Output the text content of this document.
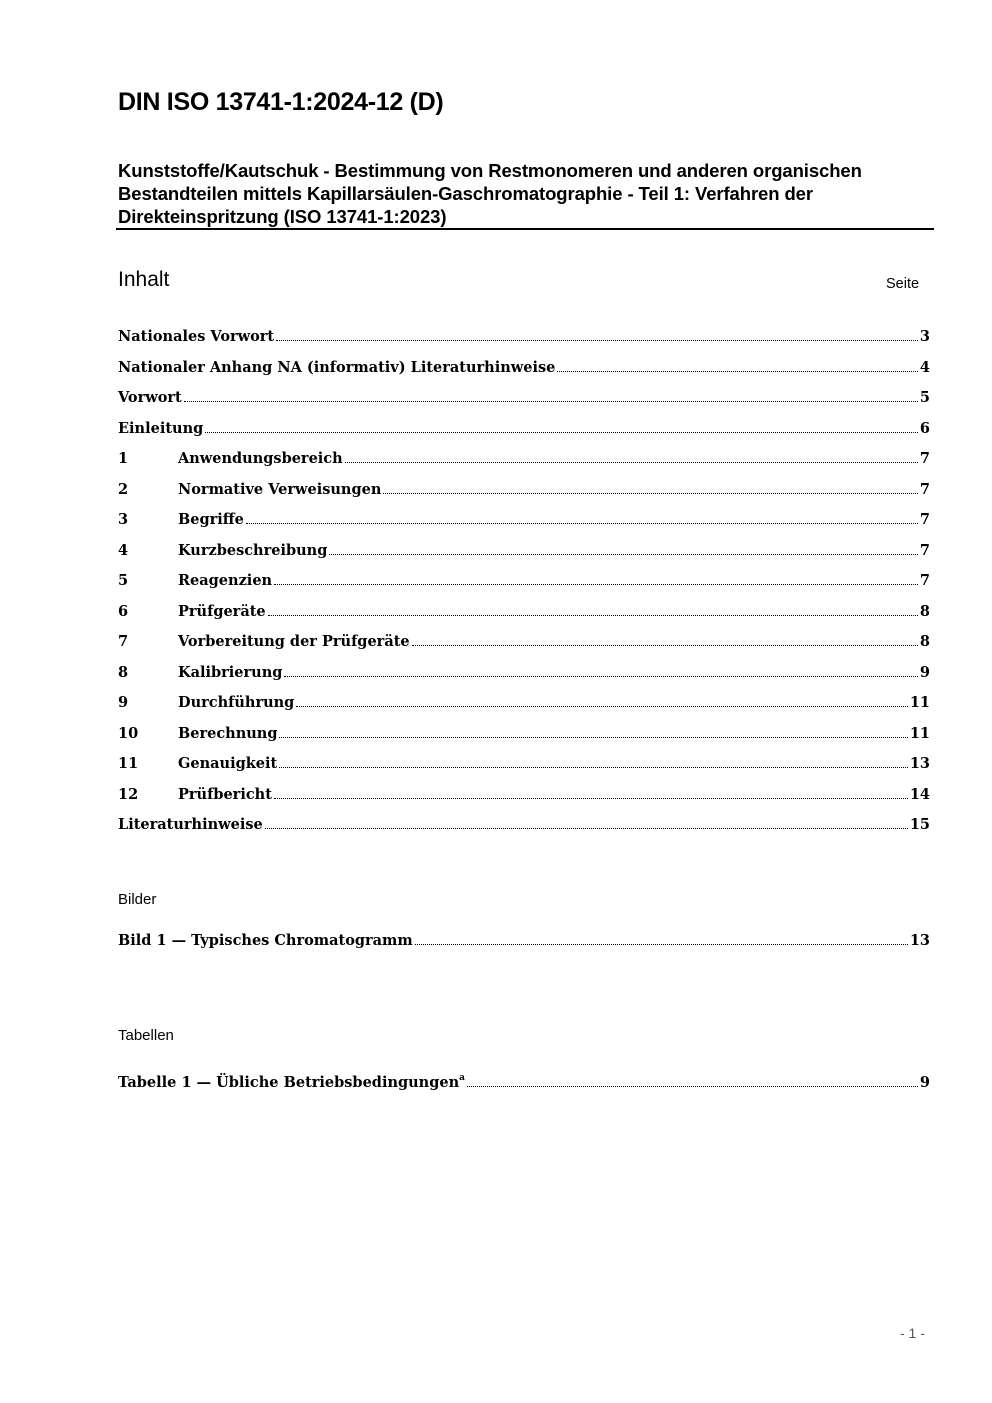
DIN ISO 13741-1:2024-12 (D)
Kunststoffe/Kautschuk - Bestimmung von Restmonomeren und anderen organischen
Bestandteilen mittels Kapillarsäulen-Gaschromatographie - Teil 1: Verfahren der
Direkteinspritzung (ISO 13741-1:2023)
Inhalt	Seite
Nationales Vorwort	3
Nationaler Anhang NA (informativ) Literaturhinweise	4
Vorwort	5
Einleitung	6
1	Anwendungsbereich	7
2	Normative Verweisungen	7
3	Begriffe	7
4	Kurzbeschreibung	7
5	Reagenzien	7
6	Prüfgeräte	8
7	Vorbereitung der Prüfgeräte	8
8	Kalibrierung	9
9	Durchführung	11
10	Berechnung	11
11	Genauigkeit	13
12	Prüfbericht	14
Literaturhinweise	15
Bilder
Bild 1 — Typisches Chromatogramm	13
Tabellen
Tabelle 1 — Übliche Betriebsbedingungen$^a$	9
- 1 -
